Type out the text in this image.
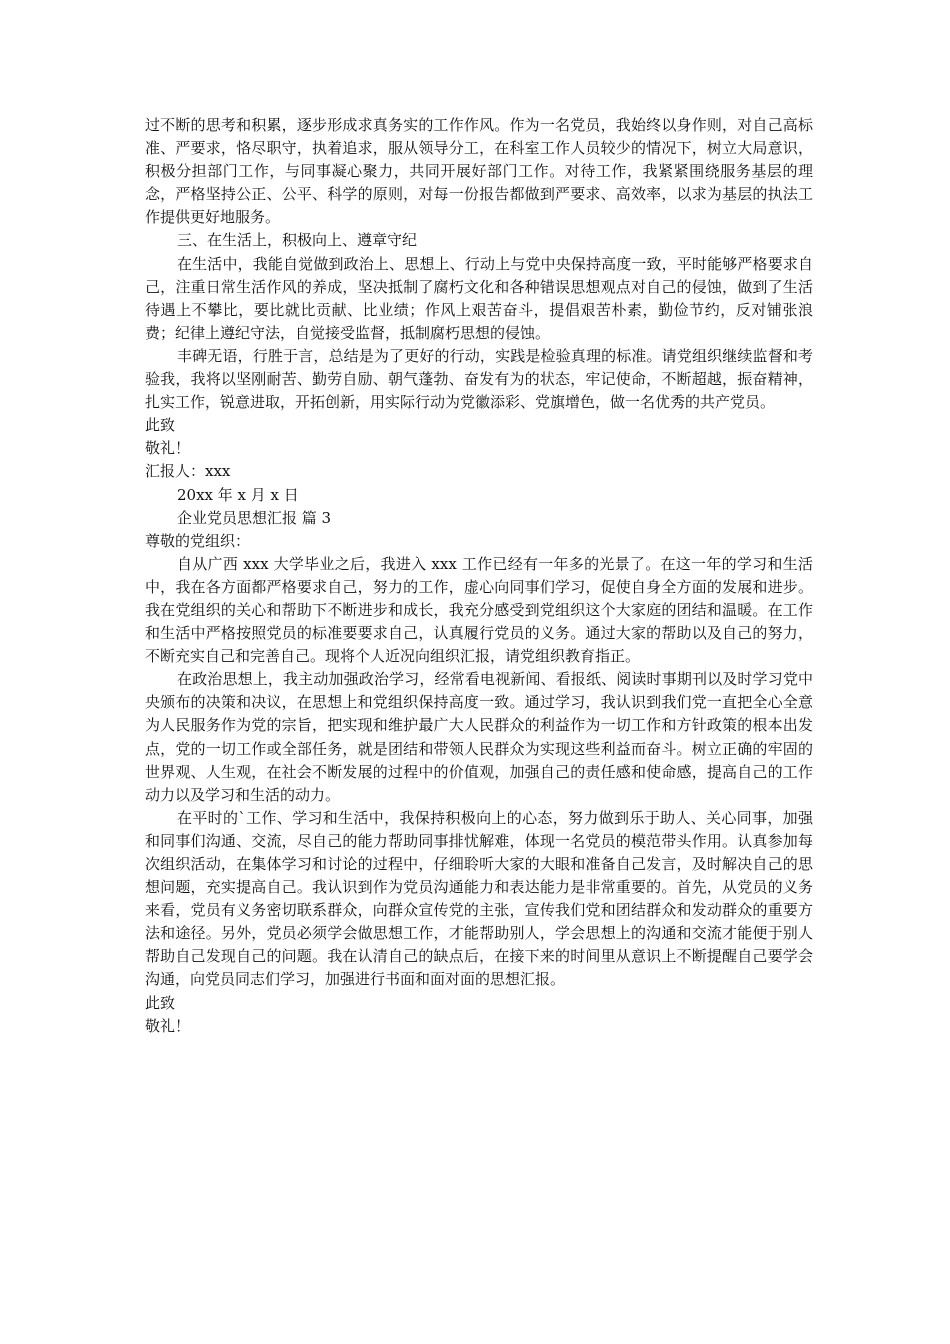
过不断的思考和积累，逐步形成求真务实的工作作风。作为一名党员，我始终以身作则，对自己高标准、严要求，恪尽职守，执着追求，服从领导分工，在科室工作人员较少的情况下，树立大局意识，积极分担部门工作，与同事凝心聚力，共同开展好部门工作。对待工作，我紧紧围绕服务基层的理念，严格坚持公正、公平、科学的原则，对每一份报告都做到严要求、高效率，以求为基层的执法工作提供更好地服务。

三、在生活上，积极向上、遵章守纪

在生活中，我能自觉做到政治上、思想上、行动上与党中央保持高度一致，平时能够严格要求自己，注重日常生活作风的养成，坚决抵制了腐朽文化和各种错误思想观点对自己的侵蚀，做到了生活待遇上不攀比，要比就比贡献、比业绩；作风上艰苦奋斗，提倡艰苦朴素，勤俭节约，反对铺张浪费；纪律上遵纪守法，自觉接受监督，抵制腐朽思想的侵蚀。

丰碑无语，行胜于言，总结是为了更好的行动，实践是检验真理的标准。请党组织继续监督和考验我，我将以坚刚耐苦、勤劳自励、朝气蓬勃、奋发有为的状态，牢记使命，不断超越，振奋精神，扎实工作，锐意进取，开拓创新，用实际行动为党徽添彩、党旗增色，做一名优秀的共产党员。

此致

敬礼！

汇报人：xxx

20xx 年 x 月 x 日

企业党员思想汇报 篇 3

尊敬的党组织：

自从广西 xxx 大学毕业之后，我进入 xxx 工作已经有一年多的光景了。在这一年的学习和生活中，我在各方面都严格要求自己，努力的工作，虚心向同事们学习，促使自身全方面的发展和进步。我在党组织的关心和帮助下不断进步和成长，我充分感受到党组织这个大家庭的团结和温暖。在工作和生活中严格按照党员的标准要要求自己，认真履行党员的义务。通过大家的帮助以及自己的努力，不断充实自己和完善自己。现将个人近况向组织汇报，请党组织教育指正。

在政治思想上，我主动加强政治学习，经常看电视新闻、看报纸、阅读时事期刊以及时学习党中央颁布的决策和决议，在思想上和党组织保持高度一致。通过学习，我认识到我们党一直把全心全意为人民服务作为党的宗旨，把实现和维护最广大人民群众的利益作为一切工作和方针政策的根本出发点，党的一切工作或全部任务，就是团结和带领人民群众为实现这些利益而奋斗。树立正确的牢固的世界观、人生观，在社会不断发展的过程中的价值观，加强自己的责任感和使命感，提高自己的工作动力以及学习和生活的动力。

在平时的`工作、学习和生活中，我保持积极向上的心态，努力做到乐于助人、关心同事，加强和同事们沟通、交流，尽自己的能力帮助同事排忧解难，体现一名党员的模范带头作用。认真参加每次组织活动，在集体学习和讨论的过程中，仔细聆听大家的大眼和准备自己发言，及时解决自己的思想问题，充实提高自己。我认识到作为党员沟通能力和表达能力是非常重要的。首先，从党员的义务来看，党员有义务密切联系群众，向群众宣传党的主张，宣传我们党和团结群众和发动群众的重要方法和途径。另外，党员必须学会做思想工作，才能帮助别人，学会思想上的沟通和交流才能便于别人帮助自己发现自己的问题。我在认清自己的缺点后，在接下来的时间里从意识上不断提醒自己要学会沟通，向党员同志们学习，加强进行书面和面对面的思想汇报。

此致

敬礼！
